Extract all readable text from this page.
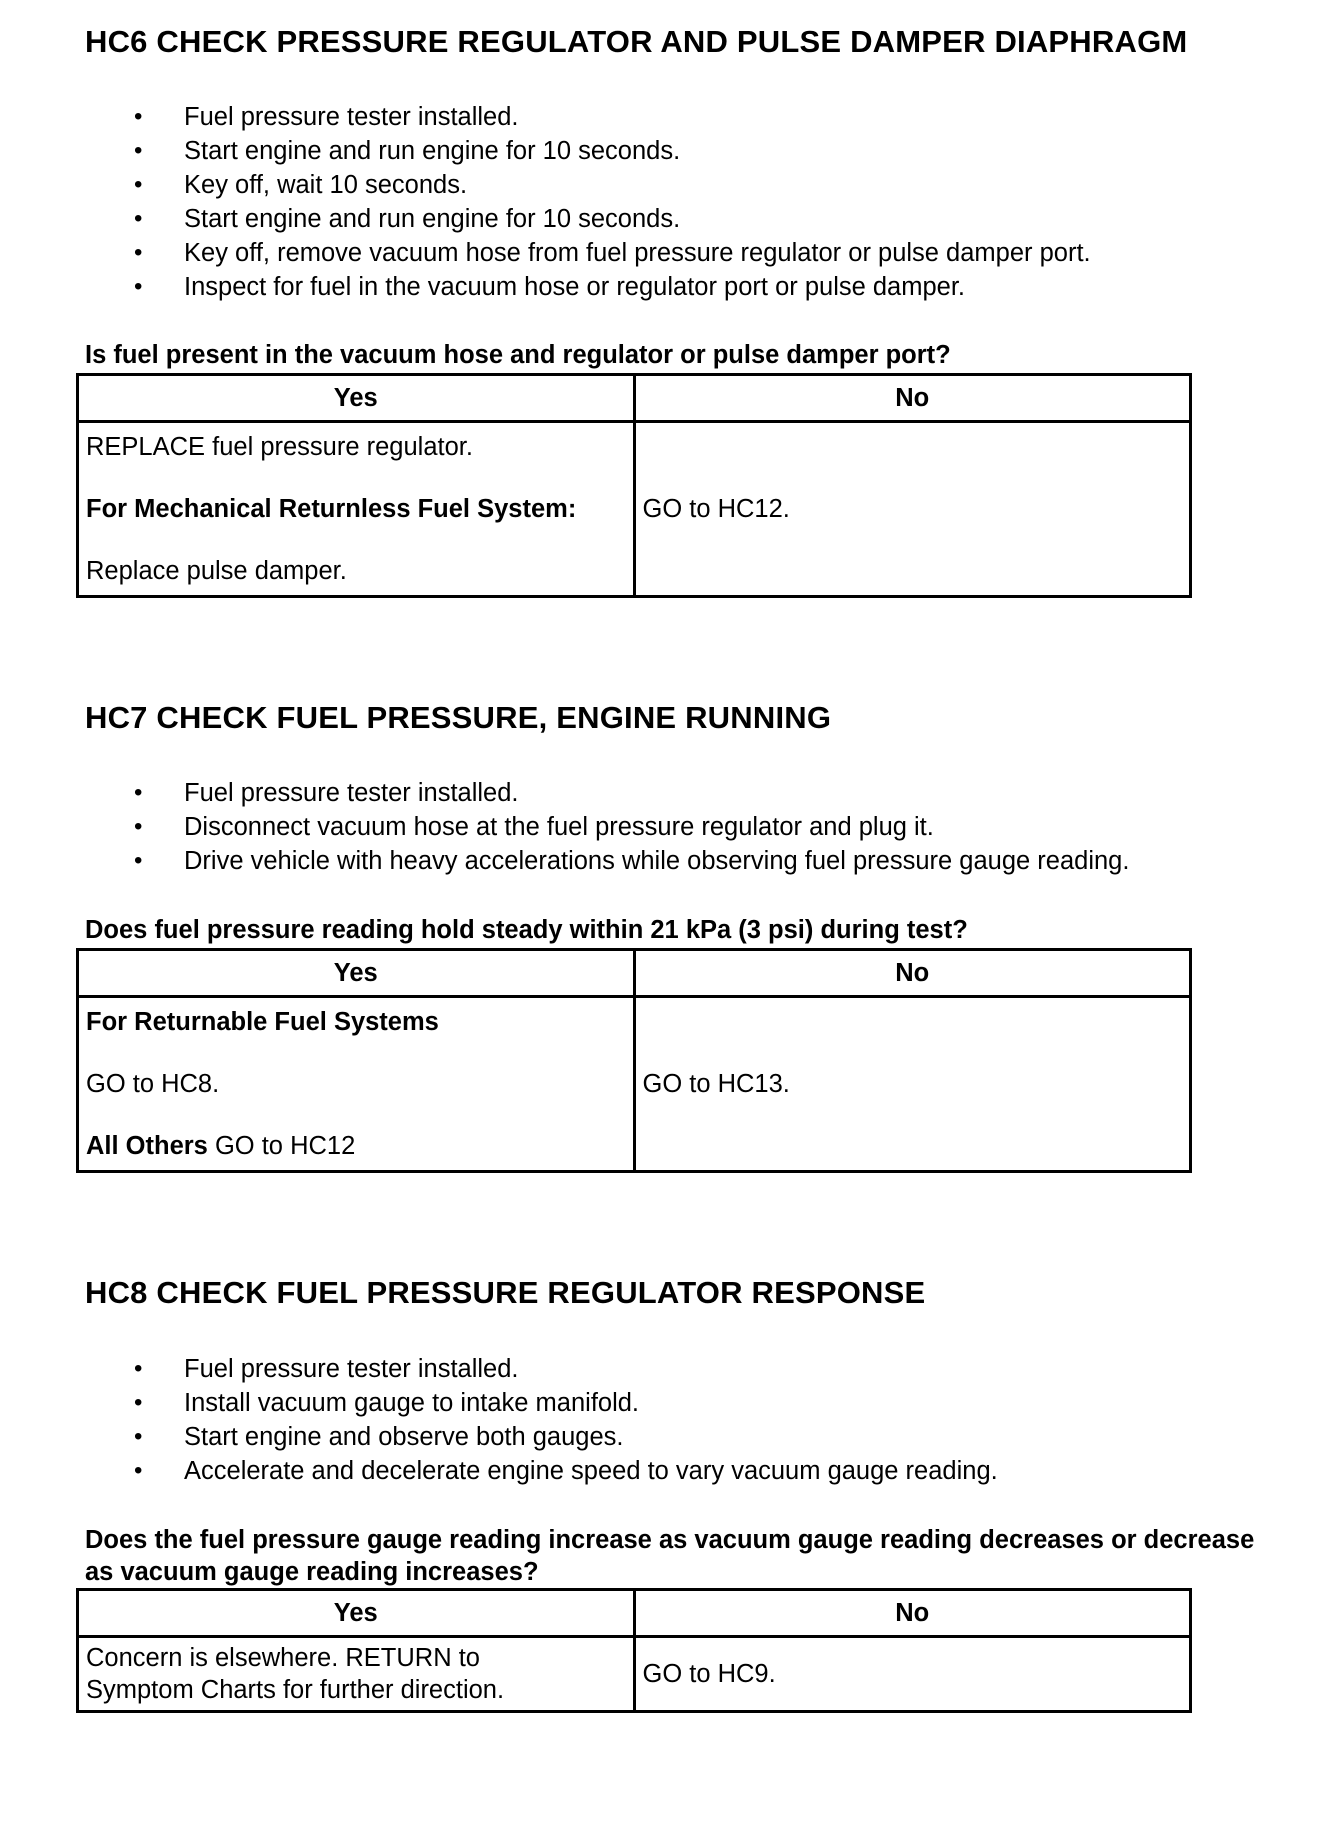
HC6 CHECK PRESSURE REGULATOR AND PULSE DAMPER DIAPHRAGM
• Fuel pressure tester installed.
• Start engine and run engine for 10 seconds.
• Key off, wait 10 seconds.
• Start engine and run engine for 10 seconds.
• Key off, remove vacuum hose from fuel pressure regulator or pulse damper port.
• Inspect for fuel in the vacuum hose or regulator port or pulse damper.

Is fuel present in the vacuum hose and regulator or pulse damper port?

Yes	No

REPLACE fuel pressure regulator.
For Mechanical Returnless Fuel System:
Replace pulse damper.	GO to HC12.
HC7 CHECK FUEL PRESSURE, ENGINE RUNNING
• Fuel pressure tester installed.
• Disconnect vacuum hose at the fuel pressure regulator and plug it.
• Drive vehicle with heavy accelerations while observing fuel pressure gauge reading.

Does fuel pressure reading hold steady within 21 kPa (3 psi) during test?

Yes	No

For Returnable Fuel Systems
GO to HC8.
All Others GO to HC12	GO to HC13.
HC8 CHECK FUEL PRESSURE REGULATOR RESPONSE
• Fuel pressure tester installed.
• Install vacuum gauge to intake manifold.
• Start engine and observe both gauges.
• Accelerate and decelerate engine speed to vary vacuum gauge reading.

Does the fuel pressure gauge reading increase as vacuum gauge reading decreases or decrease as vacuum gauge reading increases?

Yes	No

Concern is elsewhere. RETURN to
Symptom Charts for further direction.	GO to HC9.
